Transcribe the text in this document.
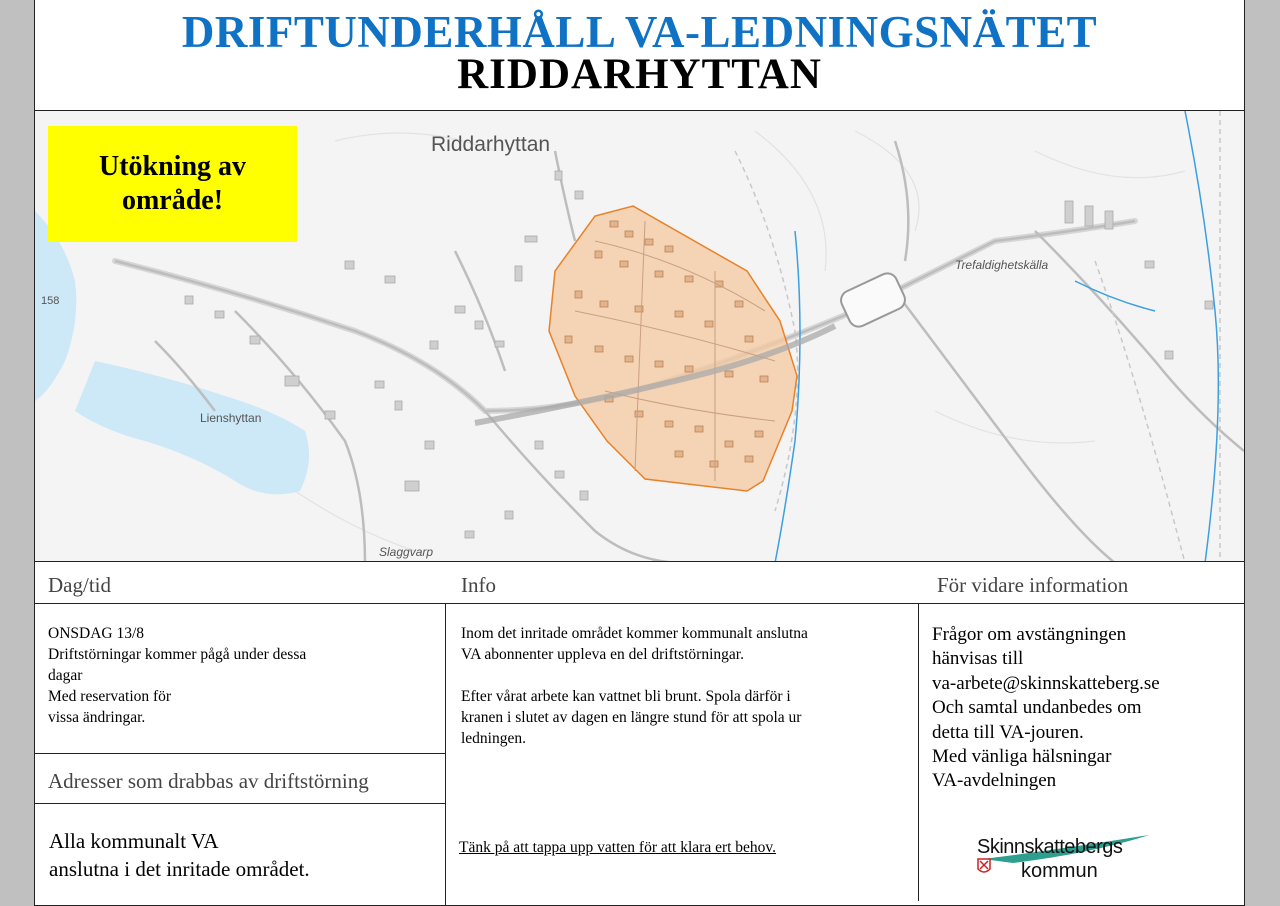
DRIFTUNDERHÅLL VA-LEDNINGSNÄTET
RIDDARHYTTAN
Utökning av
område!
Riddarhyttan
Trefaldighetskälla
Lienshyttan
Slaggvarp
158
Dag/tid	Info	För vidare information
ONSDAG 13/8
Driftstörningar kommer pågå under dessa
dagar
Med reservation för
vissa ändringar.
Adresser som drabbas av driftstörning
Alla kommunalt VA
anslutna i det inritade området.
Inom det inritade området kommer kommunalt anslutna
VA abonnenter uppleva en del driftstörningar.
Efter vårat arbete kan vattnet bli brunt. Spola därför i
kranen i slutet av dagen en längre stund för att spola ur
ledningen.
Tänk på att tappa upp vatten för att klara ert behov.
Frågor om avstängningen
hänvisas till
va-arbete@skinnskatteberg.se
Och samtal undanbedes om
detta till VA-jouren.
Med vänliga hälsningar
VA-avdelningen
Skinnskattebergs
kommun
